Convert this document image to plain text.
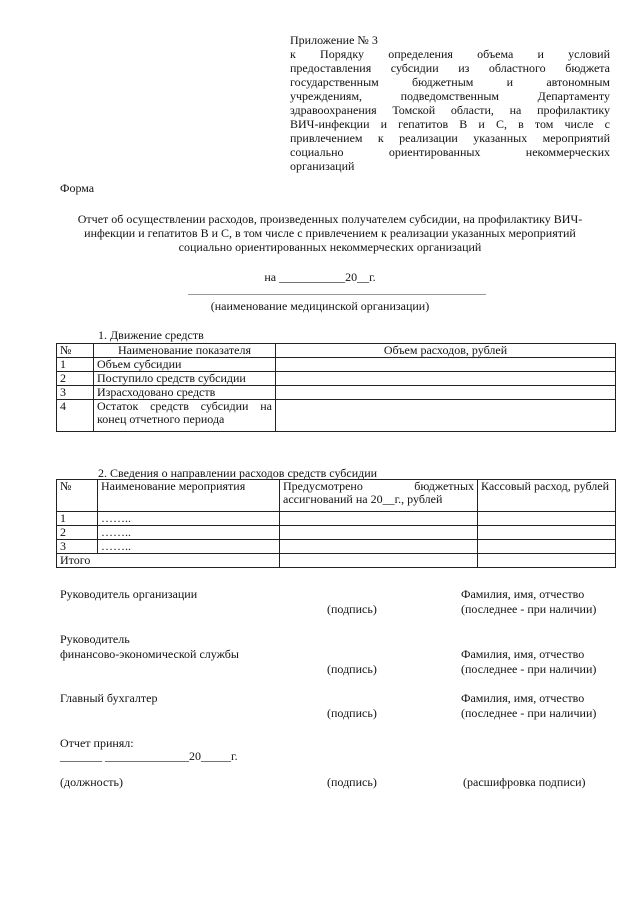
Приложение № 3
к Порядку определения объема и условий
предоставления субсидии из областного бюджета
государственным бюджетным и автономным
учреждениям, подведомственным Департаменту
здравоохранения Томской области, на профилактику
ВИЧ-инфекции и гепатитов В и С, в том числе с
привлечением к реализации указанных мероприятий
социально ориентированных некоммерческих
организаций
Форма
Отчет об осуществлении расходов, произведенных получателем субсидии, на профилактику ВИЧ-
инфекции и гепатитов В и С, в том числе с привлечением к реализации указанных мероприятий
социально ориентированных некоммерческих организаций
на ___________20__г.
(наименование медицинской организации)
1. Движение средств
№	Наименование показателя	Объем расходов, рублей
1	Объем субсидии	
2	Поступило средств субсидии	
3	Израсходовано средств	
4	Остаток средств субсидии на конец отчетного периода	
2. Сведения о направлении расходов средств субсидии
№	Наименование мероприятия	Предусмотрено бюджетных ассигнований на 20__г., рублей	Кассовый расход, рублей
1	……..		
2	……..		
3	……..		
Итого			
Руководитель организации
(подпись)
Фамилия, имя, отчество
(последнее - при наличии)
Руководитель
финансово-экономической службы
(подпись)
Фамилия, имя, отчество
(последнее - при наличии)
Главный бухгалтер
(подпись)
Фамилия, имя, отчество
(последнее - при наличии)
Отчет принял:
_______ ______________20_____г.
(должность)	(подпись)	(расшифровка подписи)
